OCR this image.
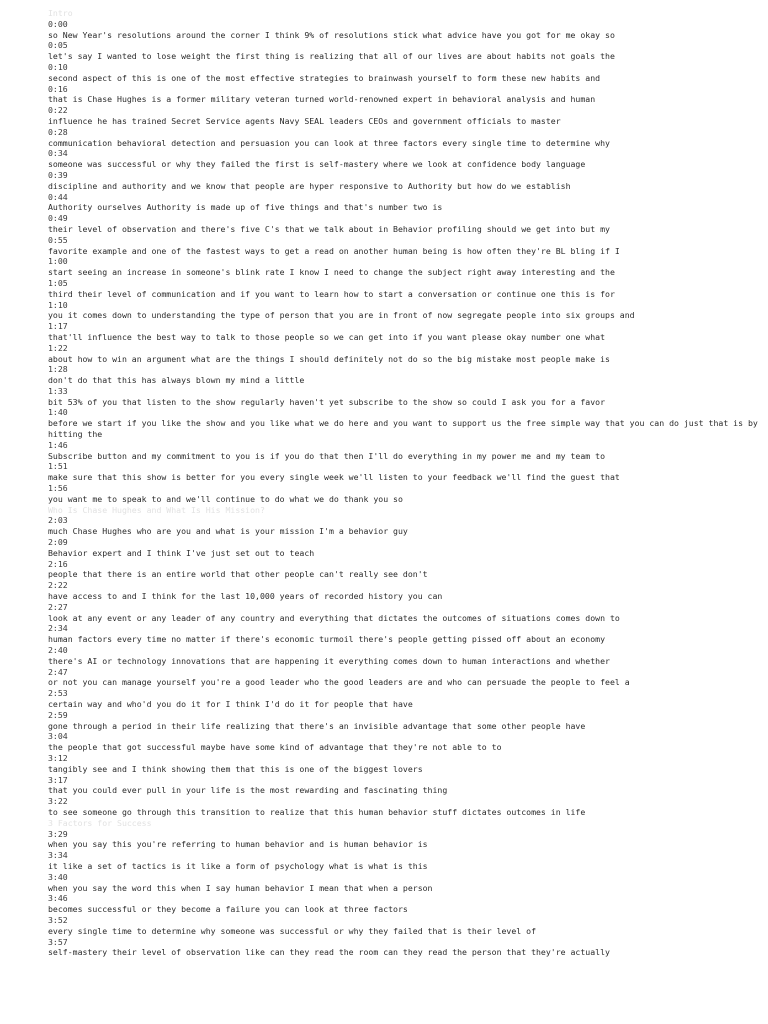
Intro
0:00
so New Year's resolutions around the corner I think 9% of resolutions stick what advice have you got for me okay so
0:05
let's say I wanted to lose weight the first thing is realizing that all of our lives are about habits not goals the
0:10
second aspect of this is one of the most effective strategies to brainwash yourself to form these new habits and
0:16
that is Chase Hughes is a former military veteran turned world-renowned expert in behavioral analysis and human
0:22
influence he has trained Secret Service agents Navy SEAL leaders CEOs and government officials to master
0:28
communication behavioral detection and persuasion you can look at three factors every single time to determine why
0:34
someone was successful or why they failed the first is self-mastery where we look at confidence body language
0:39
discipline and authority and we know that people are hyper responsive to Authority but how do we establish
0:44
Authority ourselves Authority is made up of five things and that's number two is
0:49
their level of observation and there's five C's that we talk about in Behavior profiling should we get into but my
0:55
favorite example and one of the fastest ways to get a read on another human being is how often they're BL bling if I
1:00
start seeing an increase in someone's blink rate I know I need to change the subject right away interesting and the
1:05
third their level of communication and if you want to learn how to start a conversation or continue one this is for
1:10
you it comes down to understanding the type of person that you are in front of now segregate people into six groups and
1:17
that'll influence the best way to talk to those people so we can get into if you want please okay number one what
1:22
about how to win an argument what are the things I should definitely not do so the big mistake most people make is
1:28
don't do that this has always blown my mind a little
1:33
bit 53% of you that listen to the show regularly haven't yet subscribe to the show so could I ask you for a favor
1:40
before we start if you like the show and you like what we do here and you want to support us the free simple way that you can do just that is by hitting the
1:46
Subscribe button and my commitment to you is if you do that then I'll do everything in my power me and my team to
1:51
make sure that this show is better for you every single week we'll listen to your feedback we'll find the guest that
1:56
you want me to speak to and we'll continue to do what we do thank you so
Who Is Chase Hughes and What Is His Mission?
2:03
much Chase Hughes who are you and what is your mission I'm a behavior guy
2:09
Behavior expert and I think I've just set out to teach
2:16
people that there is an entire world that other people can't really see don't
2:22
have access to and I think for the last 10,000 years of recorded history you can
2:27
look at any event or any leader of any country and everything that dictates the outcomes of situations comes down to
2:34
human factors every time no matter if there's economic turmoil there's people getting pissed off about an economy
2:40
there's AI or technology innovations that are happening it everything comes down to human interactions and whether
2:47
or not you can manage yourself you're a good leader who the good leaders are and who can persuade the people to feel a
2:53
certain way and who'd you do it for I think I'd do it for people that have
2:59
gone through a period in their life realizing that there's an invisible advantage that some other people have
3:04
the people that got successful maybe have some kind of advantage that they're not able to to
3:12
tangibly see and I think showing them that this is one of the biggest lovers
3:17
that you could ever pull in your life is the most rewarding and fascinating thing
3:22
to see someone go through this transition to realize that this human behavior stuff dictates outcomes in life
3 Factors for Success
3:29
when you say this you're referring to human behavior and is human behavior is
3:34
it like a set of tactics is it like a form of psychology what is what is this
3:40
when you say the word this when I say human behavior I mean that when a person
3:46
becomes successful or they become a failure you can look at three factors
3:52
every single time to determine why someone was successful or why they failed that is their level of
3:57
self-mastery their level of observation like can they read the room can they read the person that they're actually
